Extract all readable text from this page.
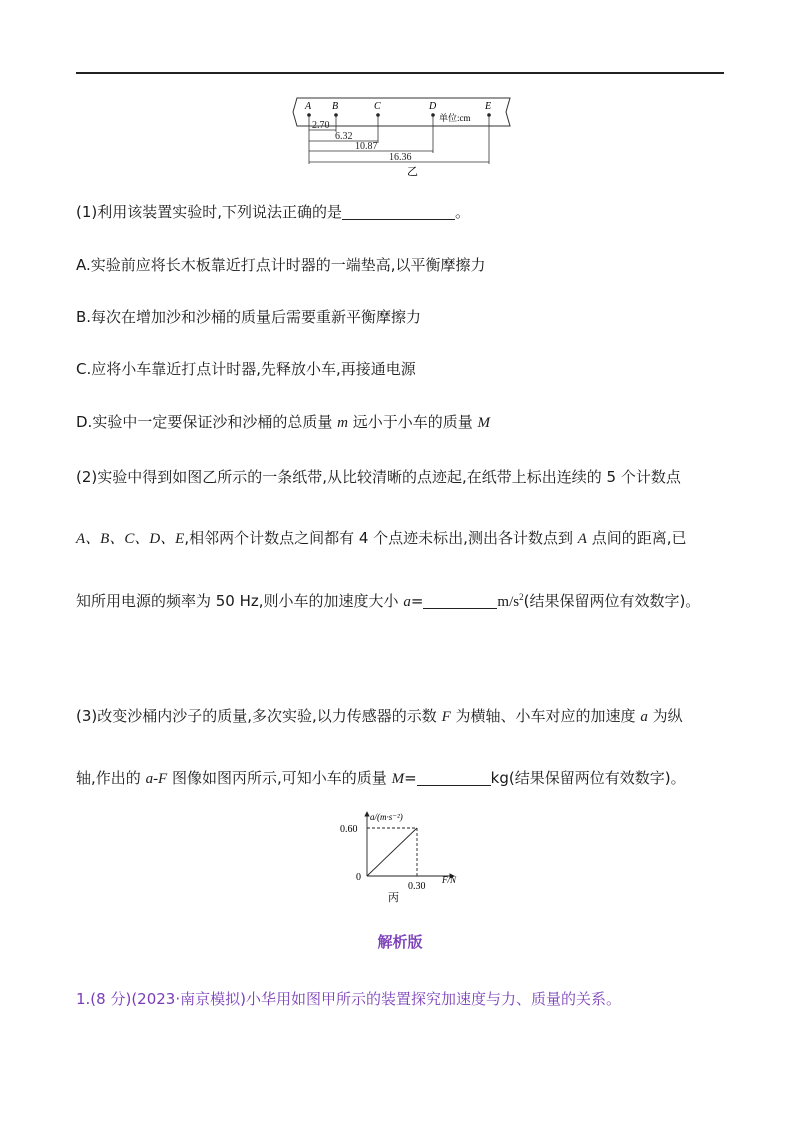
A B	C	D	E
单位:cm
2.70
6.32
10.87
16.36
乙
(1)利用该装置实验时,下列说法正确的是	。
A.实验前应将长木板靠近打点计时器的一端垫高,以平衡摩擦力
B.每次在增加沙和沙桶的质量后需要重新平衡摩擦力
C.应将小车靠近打点计时器,先释放小车,再接通电源
D.实验中一定要保证沙和沙桶的总质量 m 远小于小车的质量 M
(2)实验中得到如图乙所示的一条纸带,从比较清晰的点迹起,在纸带上标出连续的 5 个计数点
A、B、C、D、E,相邻两个计数点之间都有 4 个点迹未标出,测出各计数点到 A 点间的距离,已
知所用电源的频率为 50 Hz,则小车的加速度大小 a=	$m/s^2$(结果保留两位有效数字)。
(3)改变沙桶内沙子的质量,多次实验,以力传感器的示数 F 为横轴、小车对应的加速度 a 为纵
轴,作出的 a-F 图像如图丙所示,可知小车的质量 M=	kg(结果保留两位有效数字)。
a/(m·s⁻²)
0.60
0
0.30
F/N
丙
解析版
1.(8 分)(2023·南京模拟)小华用如图甲所示的装置探究加速度与力、质量的关系。
